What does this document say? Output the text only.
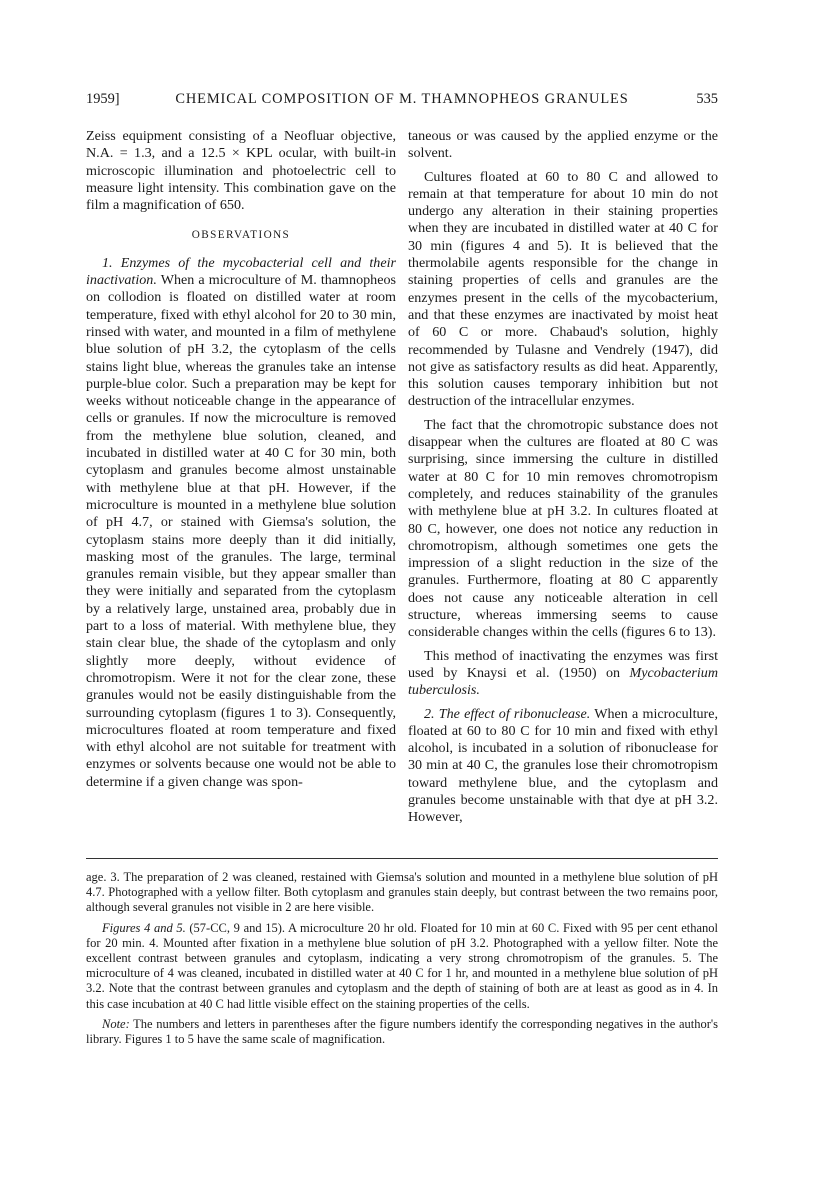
1959]	CHEMICAL COMPOSITION OF M. THAMNOPHEOS GRANULES	535

Zeiss equipment consisting of a Neofluar objective, N.A. = 1.3, and a 12.5 × KPL ocular, with built-in microscopic illumination and photoelectric cell to measure light intensity. This combination gave on the film a magnification of 650.

OBSERVATIONS

1. Enzymes of the mycobacterial cell and their inactivation. When a microculture of M. thamnopheos on collodion is floated on distilled water at room temperature, fixed with ethyl alcohol for 20 to 30 min, rinsed with water, and mounted in a film of methylene blue solution of pH 3.2, the cytoplasm of the cells stains light blue, whereas the granules take an intense purple-blue color. Such a preparation may be kept for weeks without noticeable change in the appearance of cells or granules. If now the microculture is removed from the methylene blue solution, cleaned, and incubated in distilled water at 40 C for 30 min, both cytoplasm and granules become almost unstainable with methylene blue at that pH. However, if the microculture is mounted in a methylene blue solution of pH 4.7, or stained with Giemsa's solution, the cytoplasm stains more deeply than it did initially, masking most of the granules. The large, terminal granules remain visible, but they appear smaller than they were initially and separated from the cytoplasm by a relatively large, unstained area, probably due in part to a loss of material. With methylene blue, they stain clear blue, the shade of the cytoplasm and only slightly more deeply, without evidence of chromotropism. Were it not for the clear zone, these granules would not be easily distinguishable from the surrounding cytoplasm (figures 1 to 3). Consequently, microcultures floated at room temperature and fixed with ethyl alcohol are not suitable for treatment with enzymes or solvents because one would not be able to determine if a given change was spon-

taneous or was caused by the applied enzyme or the solvent.

Cultures floated at 60 to 80 C and allowed to remain at that temperature for about 10 min do not undergo any alteration in their staining properties when they are incubated in distilled water at 40 C for 30 min (figures 4 and 5). It is believed that the thermolabile agents responsible for the change in staining properties of cells and granules are the enzymes present in the cells of the mycobacterium, and that these enzymes are inactivated by moist heat of 60 C or more. Chabaud's solution, highly recommended by Tulasne and Vendrely (1947), did not give as satisfactory results as did heat. Apparently, this solution causes temporary inhibition but not destruction of the intracellular enzymes.

The fact that the chromotropic substance does not disappear when the cultures are floated at 80 C was surprising, since immersing the culture in distilled water at 80 C for 10 min removes chromotropism completely, and reduces stainability of the granules with methylene blue at pH 3.2. In cultures floated at 80 C, however, one does not notice any reduction in chromotropism, although sometimes one gets the impression of a slight reduction in the size of the granules. Furthermore, floating at 80 C apparently does not cause any noticeable alteration in cell structure, whereas immersing seems to cause considerable changes within the cells (figures 6 to 13).

This method of inactivating the enzymes was first used by Knaysi et al. (1950) on Mycobacterium tuberculosis.

2. The effect of ribonuclease. When a microculture, floated at 60 to 80 C for 10 min and fixed with ethyl alcohol, is incubated in a solution of ribonuclease for 30 min at 40 C, the granules lose their chromotropism toward methylene blue, and the cytoplasm and granules become unstainable with that dye at pH 3.2. However,

age. 3. The preparation of 2 was cleaned, restained with Giemsa's solution and mounted in a methylene blue solution of pH 4.7. Photographed with a yellow filter. Both cytoplasm and granules stain deeply, but contrast between the two remains poor, although several granules not visible in 2 are here visible.

Figures 4 and 5. (57-CC, 9 and 15). A microculture 20 hr old. Floated for 10 min at 60 C. Fixed with 95 per cent ethanol for 20 min. 4. Mounted after fixation in a methylene blue solution of pH 3.2. Photographed with a yellow filter. Note the excellent contrast between granules and cytoplasm, indicating a very strong chromotropism of the granules. 5. The microculture of 4 was cleaned, incubated in distilled water at 40 C for 1 hr, and mounted in a methylene blue solution of pH 3.2. Note that the contrast between granules and cytoplasm and the depth of staining of both are at least as good as in 4. In this case incubation at 40 C had little visible effect on the staining properties of the cells.

Note: The numbers and letters in parentheses after the figure numbers identify the corresponding negatives in the author's library. Figures 1 to 5 have the same scale of magnification.
